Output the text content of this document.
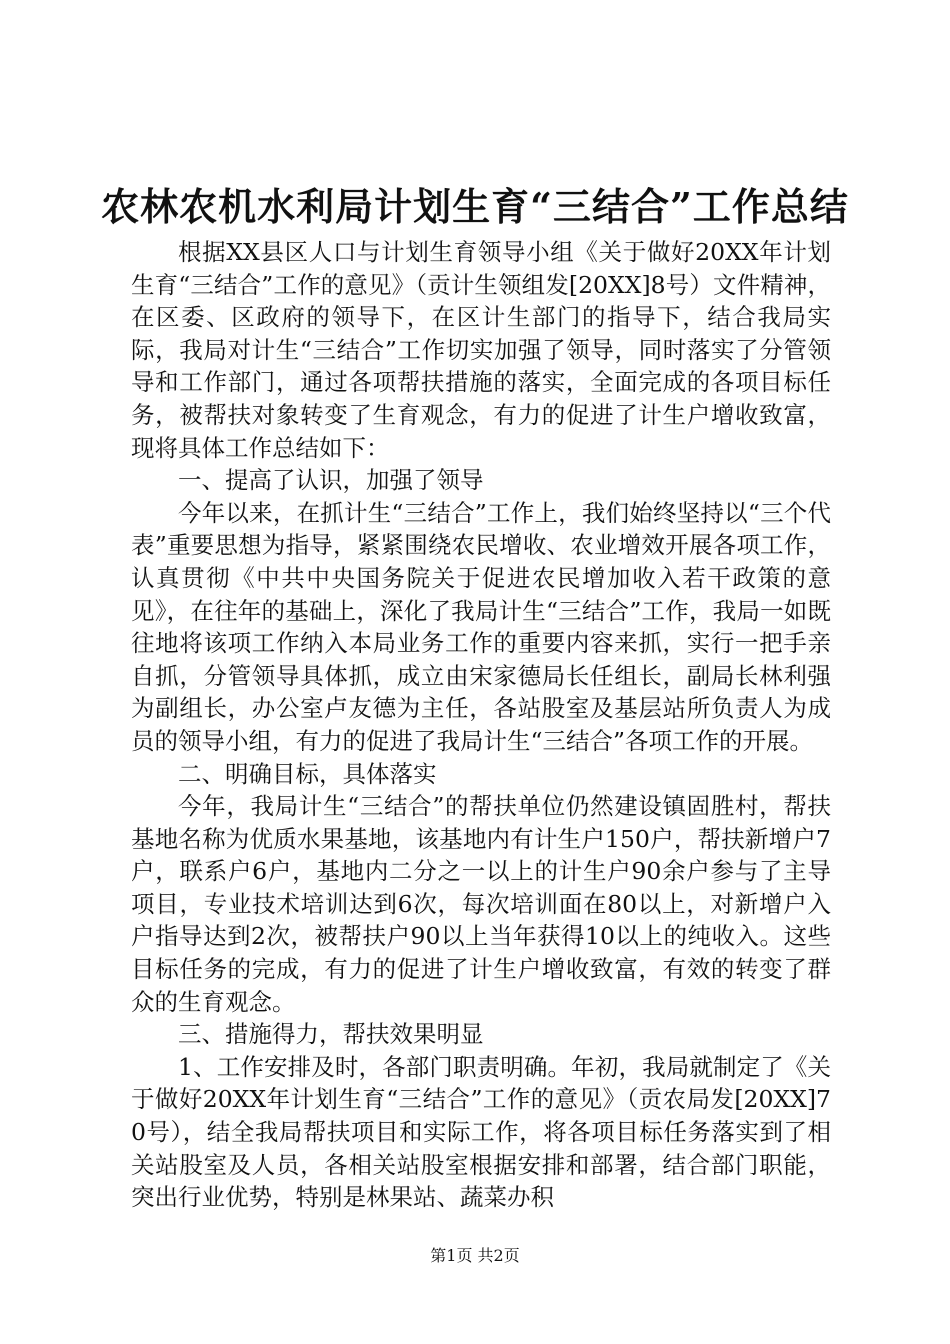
农林农机水利局计划生育“三结合”工作总结

根据XX县区人口与计划生育领导小组《关于做好20XX年计划生育“三结合”工作的意见》（贡计生领组发[20XX]8号）文件精神，在区委、区政府的领导下，在区计生部门的指导下，结合我局实际，我局对计生“三结合”工作切实加强了领导，同时落实了分管领导和工作部门，通过各项帮扶措施的落实，全面完成的各项目标任务，被帮扶对象转变了生育观念，有力的促进了计生户增收致富，现将具体工作总结如下：

一、提高了认识，加强了领导

今年以来，在抓计生“三结合”工作上，我们始终坚持以“三个代表”重要思想为指导，紧紧围绕农民增收、农业增效开展各项工作，认真贯彻《中共中央国务院关于促进农民增加收入若干政策的意见》，在往年的基础上，深化了我局计生“三结合”工作，我局一如既往地将该项工作纳入本局业务工作的重要内容来抓，实行一把手亲自抓，分管领导具体抓，成立由宋家德局长任组长，副局长林利强为副组长，办公室卢友德为主任，各站股室及基层站所负责人为成员的领导小组，有力的促进了我局计生“三结合”各项工作的开展。

二、明确目标，具体落实

今年，我局计生“三结合”的帮扶单位仍然建设镇固胜村，帮扶基地名称为优质水果基地，该基地内有计生户150户，帮扶新增户7户，联系户6户，基地内二分之一以上的计生户90余户参与了主导项目，专业技术培训达到6次，每次培训面在80以上，对新增户入户指导达到2次，被帮扶户90以上当年获得10以上的纯收入。这些目标任务的完成，有力的促进了计生户增收致富，有效的转变了群众的生育观念。

三、措施得力，帮扶效果明显

1、工作安排及时，各部门职责明确。年初，我局就制定了《关于做好20XX年计划生育“三结合”工作的意见》（贡农局发[20XX]70号），结全我局帮扶项目和实际工作，将各项目标任务落实到了相关站股室及人员，各相关站股室根据安排和部署，结合部门职能，突出行业优势，特别是林果站、蔬菜办积

第1页 共2页
